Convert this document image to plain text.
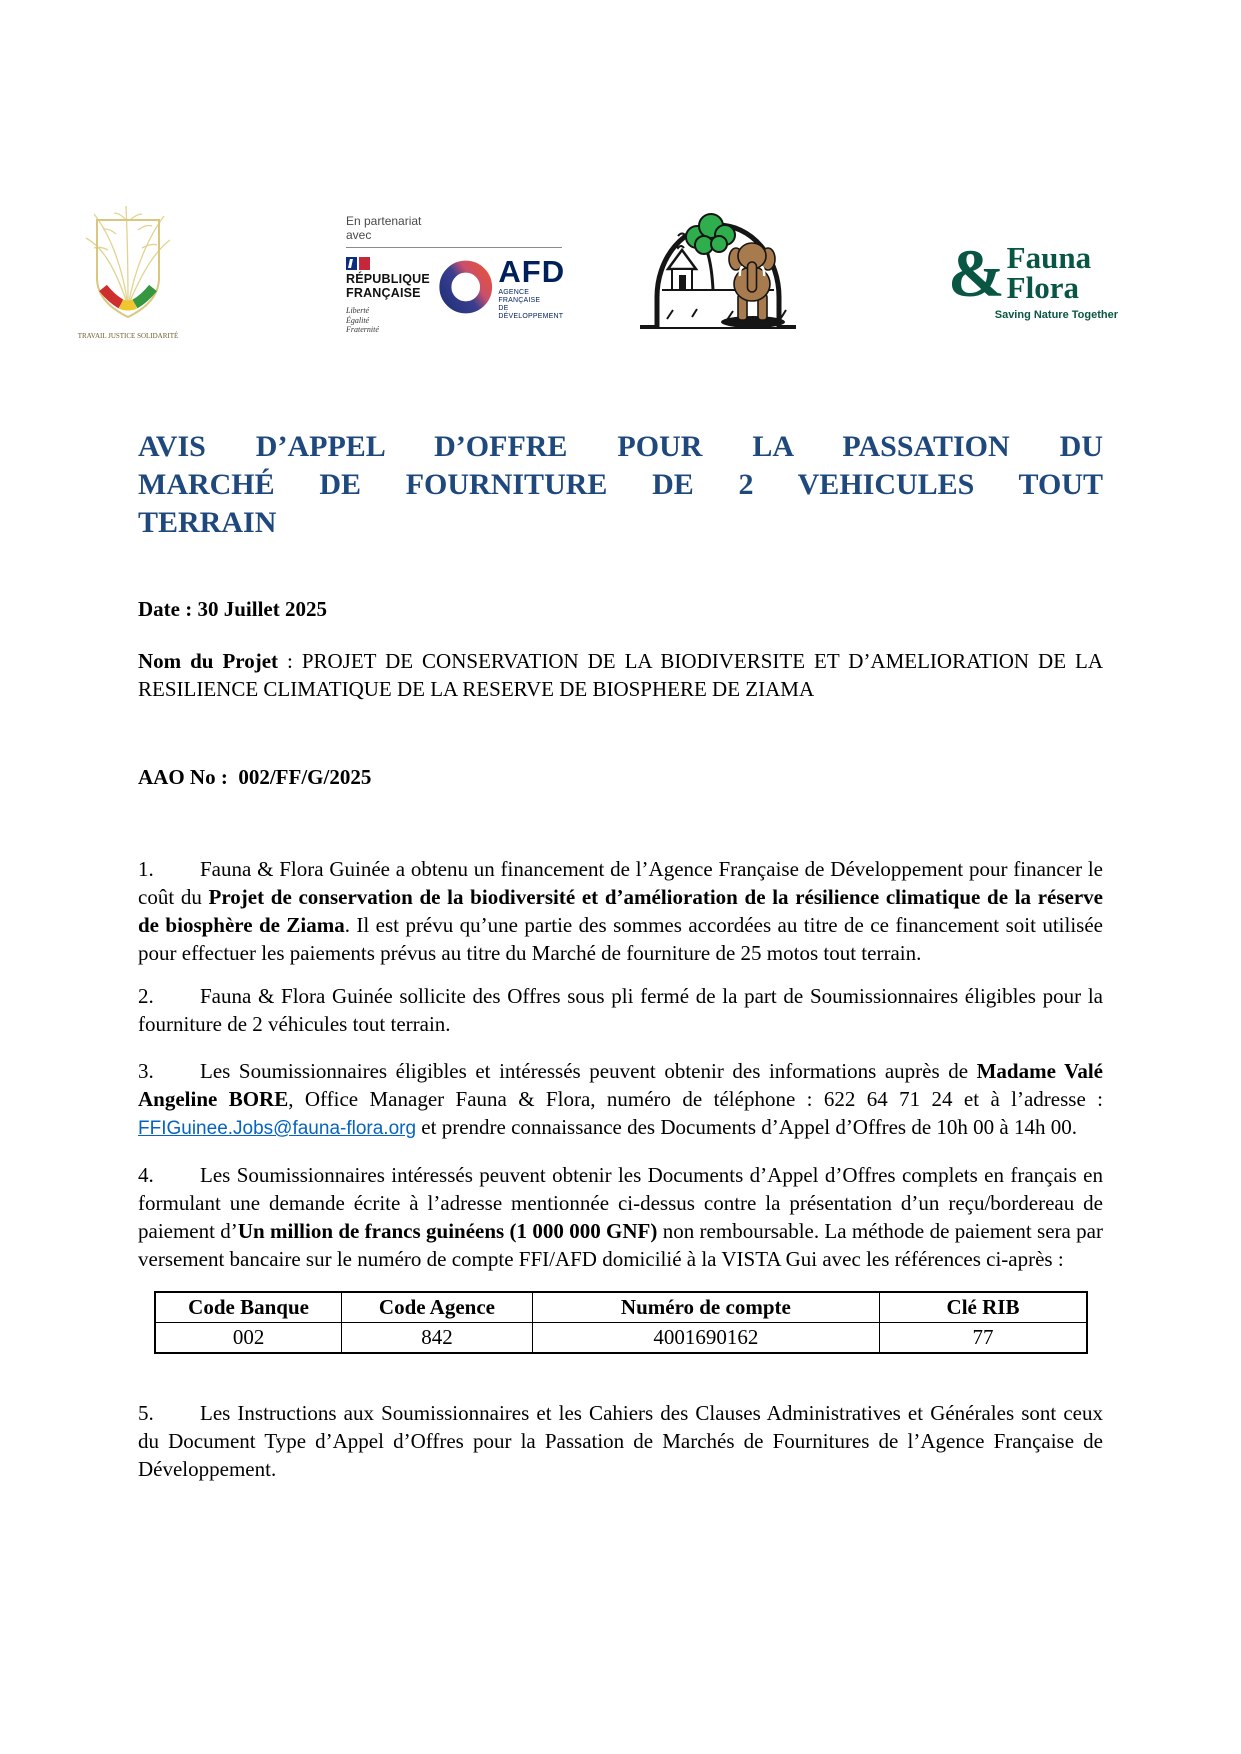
TRAVAIL JUSTICE SOLIDARITÉ
En partenariat
avec
RÉPUBLIQUE
FRANÇAISE
Liberté
Égalité
Fraternité
AFD
AGENCE FRANÇAISE
DE DÉVELOPPEMENT
& Fauna
Flora
Saving Nature Together
AVIS D’APPEL D’OFFRE POUR LA PASSATION DU
MARCHÉ DE FOURNITURE DE 2 VEHICULES TOUT
TERRAIN

Date : 30 Juillet 2025

Nom du Projet : PROJET DE CONSERVATION DE LA BIODIVERSITE ET D’AMELIORATION DE LA RESILIENCE CLIMATIQUE DE LA RESERVE DE BIOSPHERE DE ZIAMA

AAO No :  002/FF/G/2025

1. Fauna & Flora Guinée a obtenu un financement de l’Agence Française de Développement pour financer le coût du Projet de conservation de la biodiversité et d’amélioration de la résilience climatique de la réserve de biosphère de Ziama. Il est prévu qu’une partie des sommes accordées au titre de ce financement soit utilisée pour effectuer les paiements prévus au titre du Marché de fourniture de 25 motos tout terrain.

2. Fauna & Flora Guinée sollicite des Offres sous pli fermé de la part de Soumissionnaires éligibles pour la fourniture de 2 véhicules tout terrain.

3. Les Soumissionnaires éligibles et intéressés peuvent obtenir des informations auprès de Madame Valé Angeline BORE, Office Manager Fauna & Flora, numéro de téléphone : 622 64 71 24 et à l’adresse : FFIGuinee.Jobs@fauna-flora.org et prendre connaissance des Documents d’Appel d’Offres de 10h 00 à 14h 00.

4. Les Soumissionnaires intéressés peuvent obtenir les Documents d’Appel d’Offres complets en français en formulant une demande écrite à l’adresse mentionnée ci-dessus contre la présentation d’un reçu/bordereau de paiement d’Un million de francs guinéens (1 000 000 GNF) non remboursable. La méthode de paiement sera par versement bancaire sur le numéro de compte FFI/AFD domicilié à la VISTA Gui avec les références ci-après :

Code Banque	Code Agence	Numéro de compte	Clé RIB
002	842	4001690162	77

5. Les Instructions aux Soumissionnaires et les Cahiers des Clauses Administratives et Générales sont ceux du Document Type d’Appel d’Offres pour la Passation de Marchés de Fournitures de l’Agence Française de Développement.
